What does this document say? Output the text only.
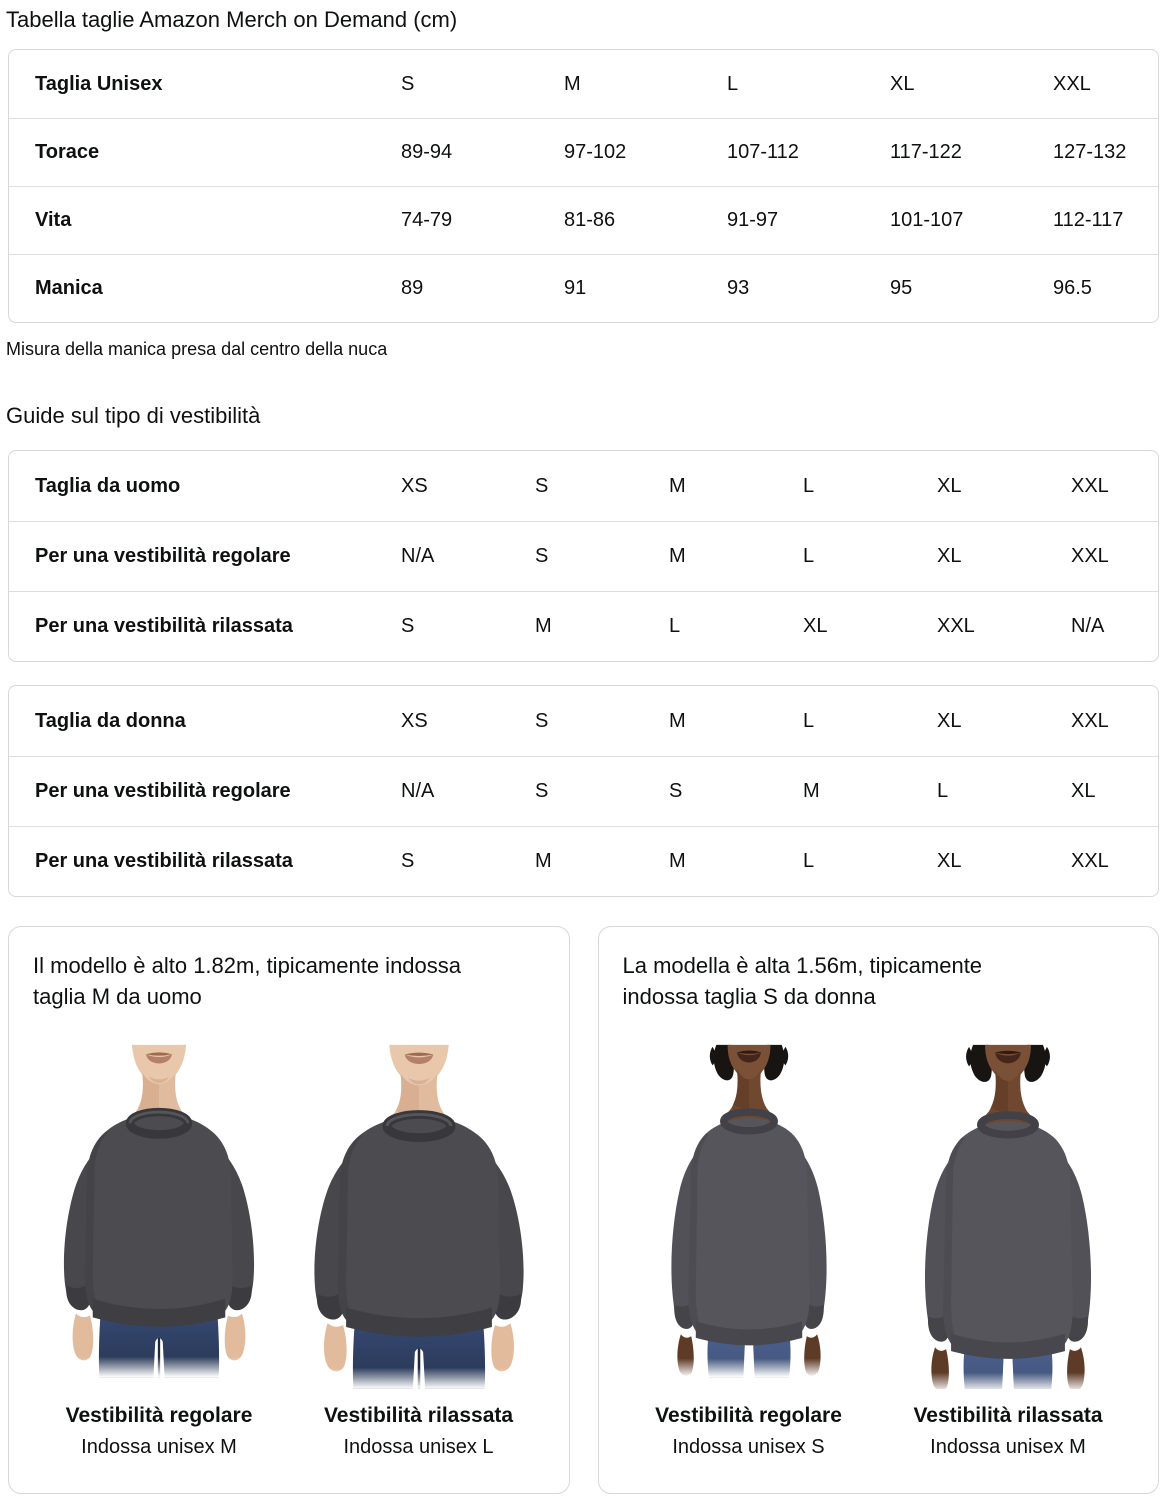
Tabella taglie Amazon Merch on Demand (cm)
Taglia Unisex	S	M	L	XL	XXL
Torace	89-94	97-102	107-112	117-122	127-132
Vita	74-79	81-86	91-97	101-107	112-117
Manica	89	91	93	95	96.5

Misura della manica presa dal centro della nuca

Guide sul tipo di vestibilità
Taglia da uomo	XS	S	M	L	XL	XXL
Per una vestibilità regolare	N/A	S	M	L	XL	XXL
Per una vestibilità rilassata	S	M	L	XL	XXL	N/A
Taglia da donna	XS	S	M	L	XL	XXL
Per una vestibilità regolare	N/A	S	S	M	L	XL
Per una vestibilità rilassata	S	M	M	L	XL	XXL

Il modello è alto 1.82m, tipicamente indossa taglia M da uomo

Vestibilità regolare
Indossa unisex M
Vestibilità rilassata
Indossa unisex L

La modella è alta 1.56m, tipicamente indossa taglia S da donna

Vestibilità regolare
Indossa unisex S
Vestibilità rilassata
Indossa unisex M
